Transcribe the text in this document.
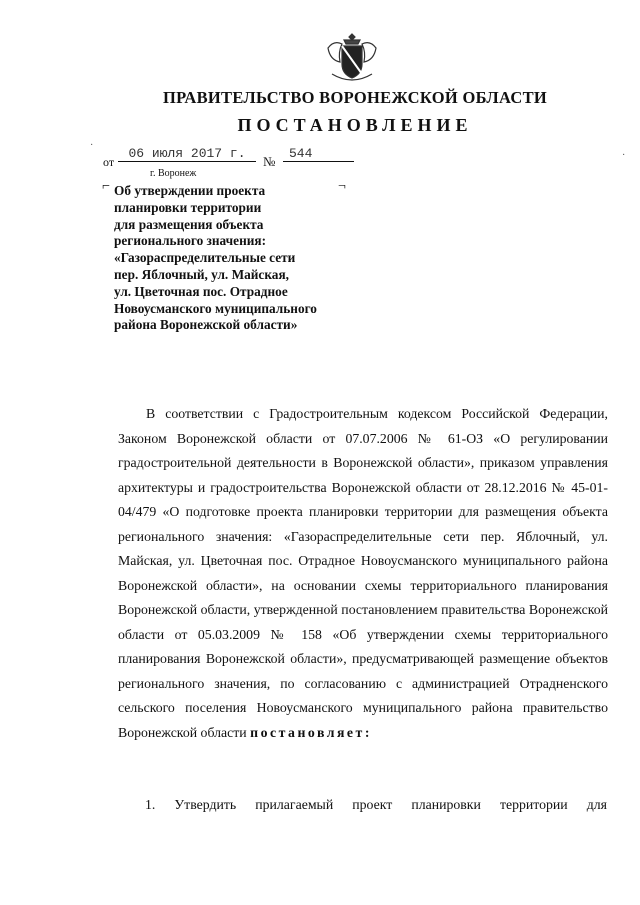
ПРАВИТЕЛЬСТВО ВОРОНЕЖСКОЙ ОБЛАСТИ
ПОСТАНОВЛЕНИЕ
·
·
от
06 июля 2017 г.
№
544
г. Воронеж
⌐	¬
Об утверждении проекта
планировки территории
для размещения объекта
регионального значения:
«Газораспределительные сети
пер. Яблочный, ул. Майская,
ул. Цветочная пос. Отрадное
Новоусманского муниципального
района Воронежской области»
В соответствии с Градостроительным кодексом Российской Федерации, Законом Воронежской области от 07.07.2006 № 61-ОЗ «О регулировании градостроительной деятельности в Воронежской области», приказом управления архитектуры и градостроительства Воронежской области от 28.12.2016 № 45-01-04/479 «О подготовке проекта планировки территории для размещения объекта регионального значения: «Газораспределительные сети пер. Яблочный, ул. Майская, ул. Цветочная пос. Отрадное Новоусманского муниципального района Воронежской области», на основании схемы территориального планирования Воронежской области, утвержденной постановлением правительства Воронежской области от 05.03.2009 № 158 «Об утверждении схемы территориального планирования Воронежской области», предусматривающей размещение объектов регионального значения, по согласованию с администрацией Отрадненского сельского поселения Новоусманского муниципального района правительство Воронежской области постановляет:
1. Утвердить прилагаемый проект планировки территории для
